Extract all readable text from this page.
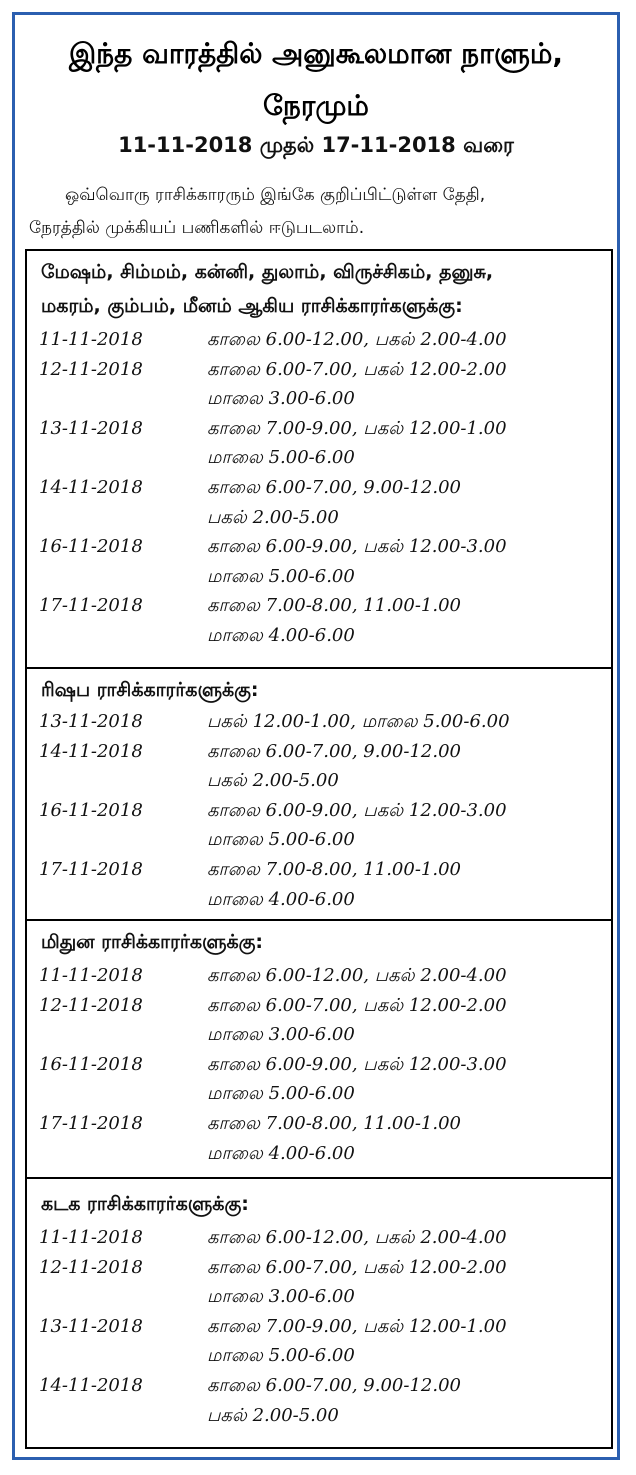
இந்த வாரத்தில் அனுகூலமான நாளும்,
நேரமும்
11-11-2018 முதல் 17-11-2018 வரை
ஒவ்வொரு ராசிக்காரரும் இங்கே குறிப்பிட்டுள்ள தேதி,
நேரத்தில் முக்கியப் பணிகளில் ஈடுபடலாம்.
மேஷம், சிம்மம், கன்னி, துலாம், விருச்சிகம், தனுசு,
மகரம், கும்பம், மீனம் ஆகிய ராசிக்காரர்களுக்கு:
11-11-2018	காலை 6.00-12.00, பகல் 2.00-4.00
12-11-2018	காலை 6.00-7.00, பகல் 12.00-2.00
மாலை 3.00-6.00
13-11-2018	காலை 7.00-9.00, பகல் 12.00-1.00
மாலை 5.00-6.00
14-11-2018	காலை 6.00-7.00, 9.00-12.00
பகல் 2.00-5.00
16-11-2018	காலை 6.00-9.00, பகல் 12.00-3.00
மாலை 5.00-6.00
17-11-2018	காலை 7.00-8.00, 11.00-1.00
மாலை 4.00-6.00
ரிஷப ராசிக்காரர்களுக்கு:
13-11-2018	பகல் 12.00-1.00, மாலை 5.00-6.00
14-11-2018	காலை 6.00-7.00, 9.00-12.00
பகல் 2.00-5.00
16-11-2018	காலை 6.00-9.00, பகல் 12.00-3.00
மாலை 5.00-6.00
17-11-2018	காலை 7.00-8.00, 11.00-1.00
மாலை 4.00-6.00
மிதுன ராசிக்காரர்களுக்கு:
11-11-2018	காலை 6.00-12.00, பகல் 2.00-4.00
12-11-2018	காலை 6.00-7.00, பகல் 12.00-2.00
மாலை 3.00-6.00
16-11-2018	காலை 6.00-9.00, பகல் 12.00-3.00
மாலை 5.00-6.00
17-11-2018	காலை 7.00-8.00, 11.00-1.00
மாலை 4.00-6.00
கடக ராசிக்காரர்களுக்கு:
11-11-2018	காலை 6.00-12.00, பகல் 2.00-4.00
12-11-2018	காலை 6.00-7.00, பகல் 12.00-2.00
மாலை 3.00-6.00
13-11-2018	காலை 7.00-9.00, பகல் 12.00-1.00
மாலை 5.00-6.00
14-11-2018	காலை 6.00-7.00, 9.00-12.00
பகல் 2.00-5.00
